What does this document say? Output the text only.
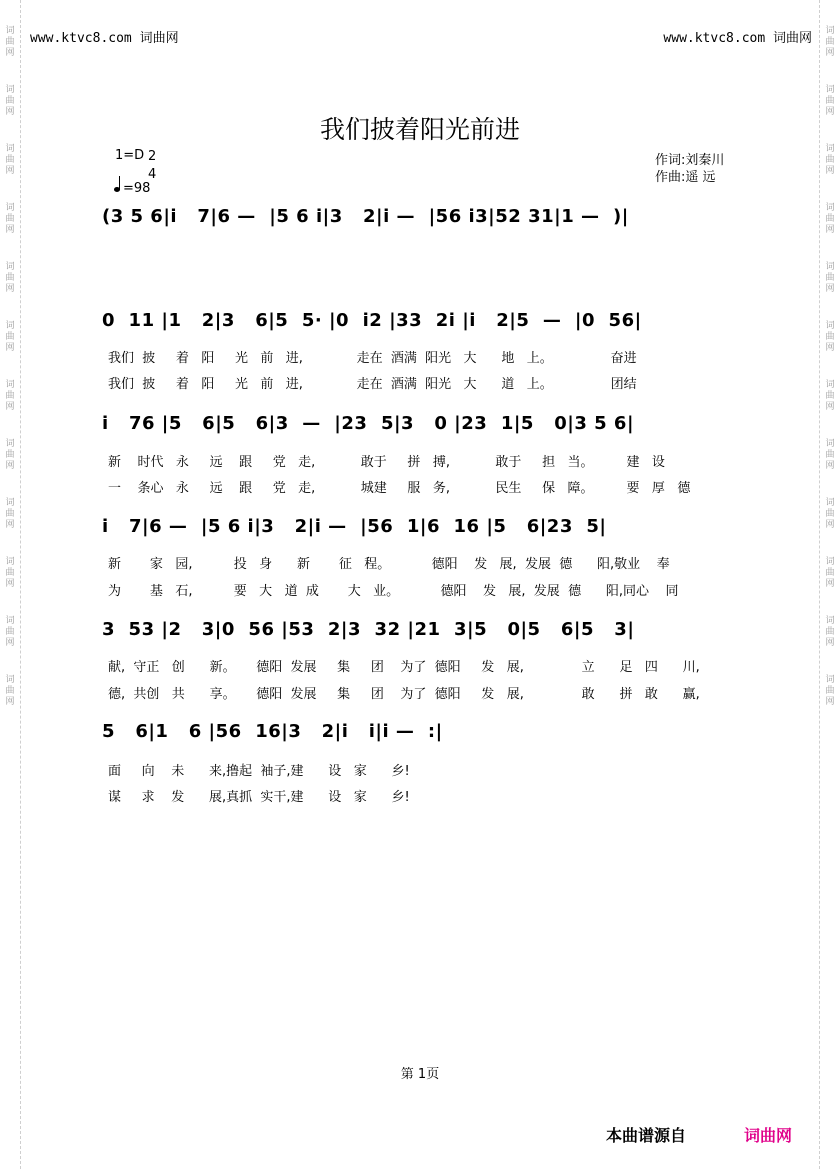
词
曲
网
词
曲
网
词
曲
网
词
曲
网
词
曲
网
词
曲
网
词
曲
网
词
曲
网
词
曲
网
词
曲
网
词
曲
网
词
曲
网
词
曲
网
词
曲
网
词
曲
网
词
曲
网
词
曲
网
词
曲
网
词
曲
网
词
曲
网
词
曲
网
词
曲
网
词
曲
网
词
曲
网
www.ktvc8.com 词曲网	www.ktvc8.com 词曲网
我们披着阳光前进
1=D 2
4
=98
作词:刘秦川
作曲:遥 远
(3 5 6|i   7|6 —  |5 6 i|3   2|i —  |56 i3|52 31|1 —  )|
0  11 |1   2|3   6|5  5· |0  i2 |33  2i |i   2|5  —  |0  56|
我们  披     着   阳     光   前   进,             走在  酒满  阳光   大      地   上。              奋进
我们  披     着   阳     光   前   进,             走在  酒满  阳光   大      道   上。              团结
i   76 |5   6|5   6|3  —  |23  5|3   0 |23  1|5   0|3 5 6|
新    时代   永     远    跟     党   走,           敢于     拼   搏,           敢于     担   当。        建   设
一    条心   永     远    跟     党   走,           城建     服   务,           民生     保   障。        要   厚   德
i   7|6 —  |5 6 i|3   2|i —  |56  1|6  16 |5   6|23  5|
新       家   园,          投   身      新       征   程。          德阳    发   展,  发展  德      阳,敬业    奉
为       基   石,          要   大   道  成       大   业。          德阳    发   展,  发展  德      阳,同心    同
3  53 |2   3|0  56 |53  2|3  32 |21  3|5   0|5   6|5   3|
献,  守正   创      新。     德阳  发展     集     团    为了  德阳     发   展,              立      足   四      川,
德,  共创   共      享。     德阳  发展     集     团    为了  德阳     发   展,              敢      拼   敢      赢,
5   6|1   6 |56  16|3   2|i   i|i —  :|
面     向    未      来,撸起  袖子,建      设   家      乡!
谋     求    发      展,真抓  实干,建      设   家      乡!
第 1页
本曲谱源自	词曲网
